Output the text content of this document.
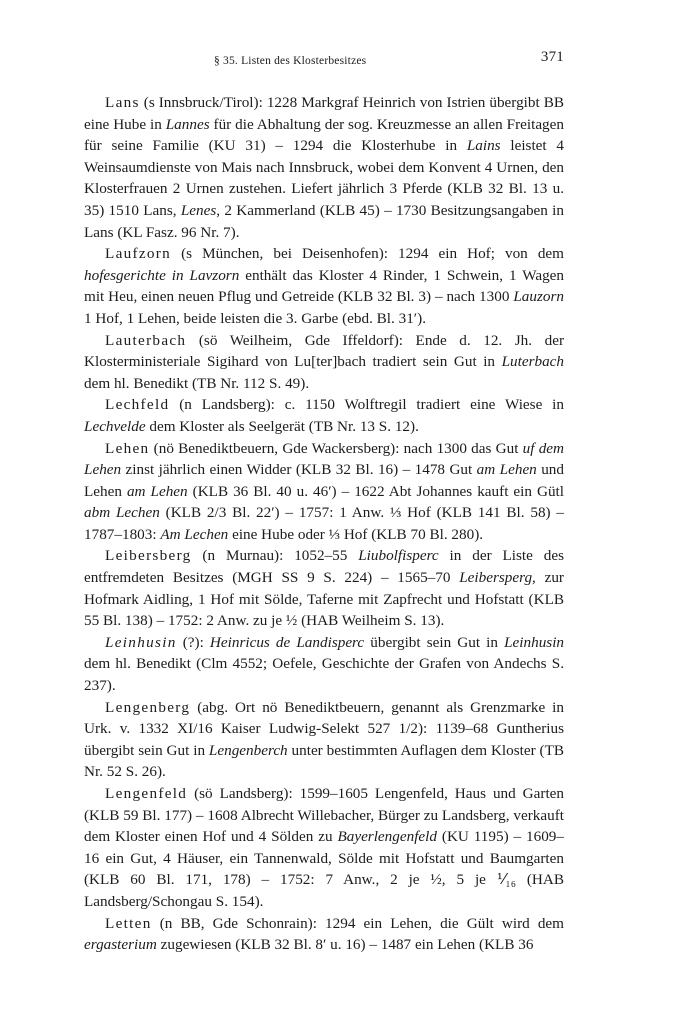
§ 35. Listen des Klosterbesitzes	371

Lans (s Innsbruck/Tirol): 1228 Markgraf Heinrich von Istrien übergibt BB eine Hube in Lannes für die Abhaltung der sog. Kreuzmesse an allen Freitagen für seine Familie (KU 31) – 1294 die Klosterhube in Lains leistet 4 Weinsaumdienste von Mais nach Innsbruck, wobei dem Konvent 4 Urnen, den Klosterfrauen 2 Urnen zustehen. Liefert jährlich 3 Pferde (KLB 32 Bl. 13 u. 35) 1510 Lans, Lenes, 2 Kammerland (KLB 45) – 1730 Besitzungsangaben in Lans (KL Fasz. 96 Nr. 7).

Laufzorn (s München, bei Deisenhofen): 1294 ein Hof; von dem hofesgerichte in Lavzorn enthält das Kloster 4 Rinder, 1 Schwein, 1 Wagen mit Heu, einen neuen Pflug und Getreide (KLB 32 Bl. 3) – nach 1300 Lauzorn 1 Hof, 1 Lehen, beide leisten die 3. Garbe (ebd. Bl. 31′).

Lauterbach (sö Weilheim, Gde Iffeldorf): Ende d. 12. Jh. der Klosterministeriale Sigihard von Lu[ter]bach tradiert sein Gut in Luterbach dem hl. Benedikt (TB Nr. 112 S. 49).

Lechfeld (n Landsberg): c. 1150 Wolftregil tradiert eine Wiese in Lechvelde dem Kloster als Seelgerät (TB Nr. 13 S. 12).

Lehen (nö Benediktbeuern, Gde Wackersberg): nach 1300 das Gut uf dem Lehen zinst jährlich einen Widder (KLB 32 Bl. 16) – 1478 Gut am Lehen und Lehen am Lehen (KLB 36 Bl. 40 u. 46′) – 1622 Abt Johannes kauft ein Gütl abm Lechen (KLB 2/3 Bl. 22′) – 1757: 1 Anw. ⅓ Hof (KLB 141 Bl. 58) – 1787–1803: Am Lechen eine Hube oder ⅓ Hof (KLB 70 Bl. 280).

Leibersberg (n Murnau): 1052–55 Liubolfisperc in der Liste des entfremdeten Besitzes (MGH SS 9 S. 224) – 1565–70 Leibersperg, zur Hofmark Aidling, 1 Hof mit Sölde, Taferne mit Zapfrecht und Hofstatt (KLB 55 Bl. 138) – 1752: 2 Anw. zu je ½ (HAB Weilheim S. 13).

Leinhusin (?): Heinricus de Landisperc übergibt sein Gut in Leinhusin dem hl. Benedikt (Clm 4552; Oefele, Geschichte der Grafen von Andechs S. 237).

Lengenberg (abg. Ort nö Benediktbeuern, genannt als Grenzmarke in Urk. v. 1332 XI/16 Kaiser Ludwig-Selekt 527 1/2): 1139–68 Guntherius übergibt sein Gut in Lengenberch unter bestimmten Auflagen dem Kloster (TB Nr. 52 S. 26).

Lengenfeld (sö Landsberg): 1599–1605 Lengenfeld, Haus und Garten (KLB 59 Bl. 177) – 1608 Albrecht Willebacher, Bürger zu Landsberg, verkauft dem Kloster einen Hof und 4 Sölden zu Bayerlengenfeld (KU 1195) – 1609–16 ein Gut, 4 Häuser, ein Tannenwald, Sölde mit Hofstatt und Baumgarten (KLB 60 Bl. 171, 178) – 1752: 7 Anw., 2 je ½, 5 je ⅟₁₆ (HAB Landsberg/Schongau S. 154).

Letten (n BB, Gde Schonrain): 1294 ein Lehen, die Gült wird dem ergasterium zugewiesen (KLB 32 Bl. 8′ u. 16) – 1487 ein Lehen (KLB 36
